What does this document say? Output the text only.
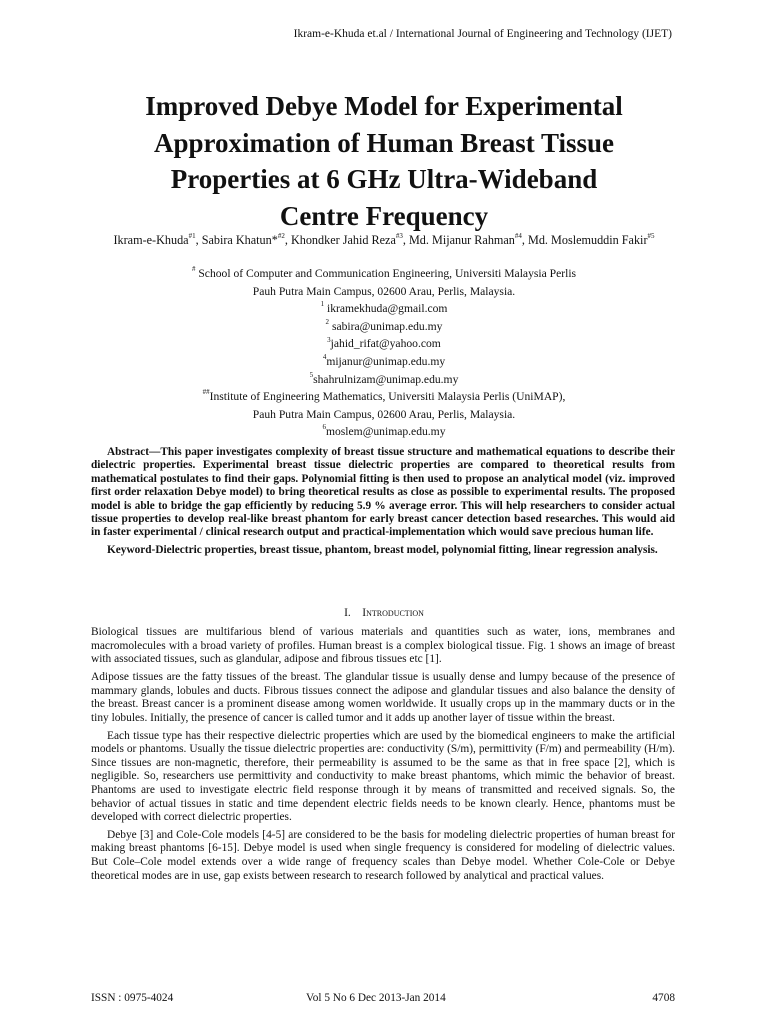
Ikram-e-Khuda et.al / International Journal of Engineering and Technology (IJET)
Improved Debye Model for Experimental
Approximation of Human Breast Tissue
Properties at 6 GHz Ultra-Wideband
Centre Frequency
Ikram-e-Khuda$^{\#1}$, Sabira Khatun*$^{\#2}$, Khondker Jahid Reza$^{\#3}$, Md. Mijanur Rahman$^{\#4}$, Md. Moslemuddin Fakir$^{\#5}$
# School of Computer and Communication Engineering, Universiti Malaysia Perlis
Pauh Putra Main Campus, 02600 Arau, Perlis, Malaysia.
$^1$ ikramekhuda@gmail.com
$^2$ sabira@unimap.edu.my
$^3$jahid_rifat@yahoo.com
$^4$mijanur@unimap.edu.my
$^5$shahrulnizam@unimap.edu.my
##Institute of Engineering Mathematics, Universiti Malaysia Perlis (UniMAP),
Pauh Putra Main Campus, 02600 Arau, Perlis, Malaysia.
$^6$moslem@unimap.edu.my

Abstract—This paper investigates complexity of breast tissue structure and mathematical equations to describe their dielectric properties. Experimental breast tissue dielectric properties are compared to theoretical results from mathematical postulates to find their gaps. Polynomial fitting is then used to propose an analytical model (viz. improved first order relaxation Debye model) to bring theoretical results as close as possible to experimental results. The proposed model is able to bridge the gap efficiently by reducing 5.9 % average error. This will help researchers to consider actual tissue properties to develop real-like breast phantom for early breast cancer detection based researches. This would aid in faster experimental / clinical research output and practical-implementation which would save precious human life.

Keyword-Dielectric properties, breast tissue, phantom, breast model, polynomial fitting, linear regression analysis.

I. Introduction

Biological tissues are multifarious blend of various materials and quantities such as water, ions, membranes and macromolecules with a broad variety of profiles. Human breast is a complex biological tissue. Fig. 1 shows an image of breast with associated tissues, such as glandular, adipose and fibrous tissues etc [1].

Adipose tissues are the fatty tissues of the breast. The glandular tissue is usually dense and lumpy because of the presence of mammary glands, lobules and ducts. Fibrous tissues connect the adipose and glandular tissues and also balance the density of the breast. Breast cancer is a prominent disease among women worldwide. It usually crops up in the mammary ducts or in the tiny lobules. Initially, the presence of cancer is called tumor and it adds up another layer of tissue within the breast.

Each tissue type has their respective dielectric properties which are used by the biomedical engineers to make the artificial models or phantoms. Usually the tissue dielectric properties are: conductivity (S/m), permittivity (F/m) and permeability (H/m). Since tissues are non-magnetic, therefore, their permeability is assumed to be the same as that in free space [2], which is negligible. So, researchers use permittivity and conductivity to make breast phantoms, which mimic the behavior of breast. Phantoms are used to investigate electric field response through it by means of transmitted and received signals. So, the behavior of actual tissues in static and time dependent electric fields needs to be known clearly. Hence, phantoms must be developed with correct dielectric properties.

Debye [3] and Cole-Cole models [4-5] are considered to be the basis for modeling dielectric properties of human breast for making breast phantoms [6-15]. Debye model is used when single frequency is considered for modeling of dielectric values. But Cole–Cole model extends over a wide range of frequency scales than Debye model. Whether Cole-Cole or Debye theoretical modes are in use, gap exists between research to research followed by analytical and practical values.

ISSN : 0975-4024	Vol 5 No 6 Dec 2013-Jan 2014	4708
